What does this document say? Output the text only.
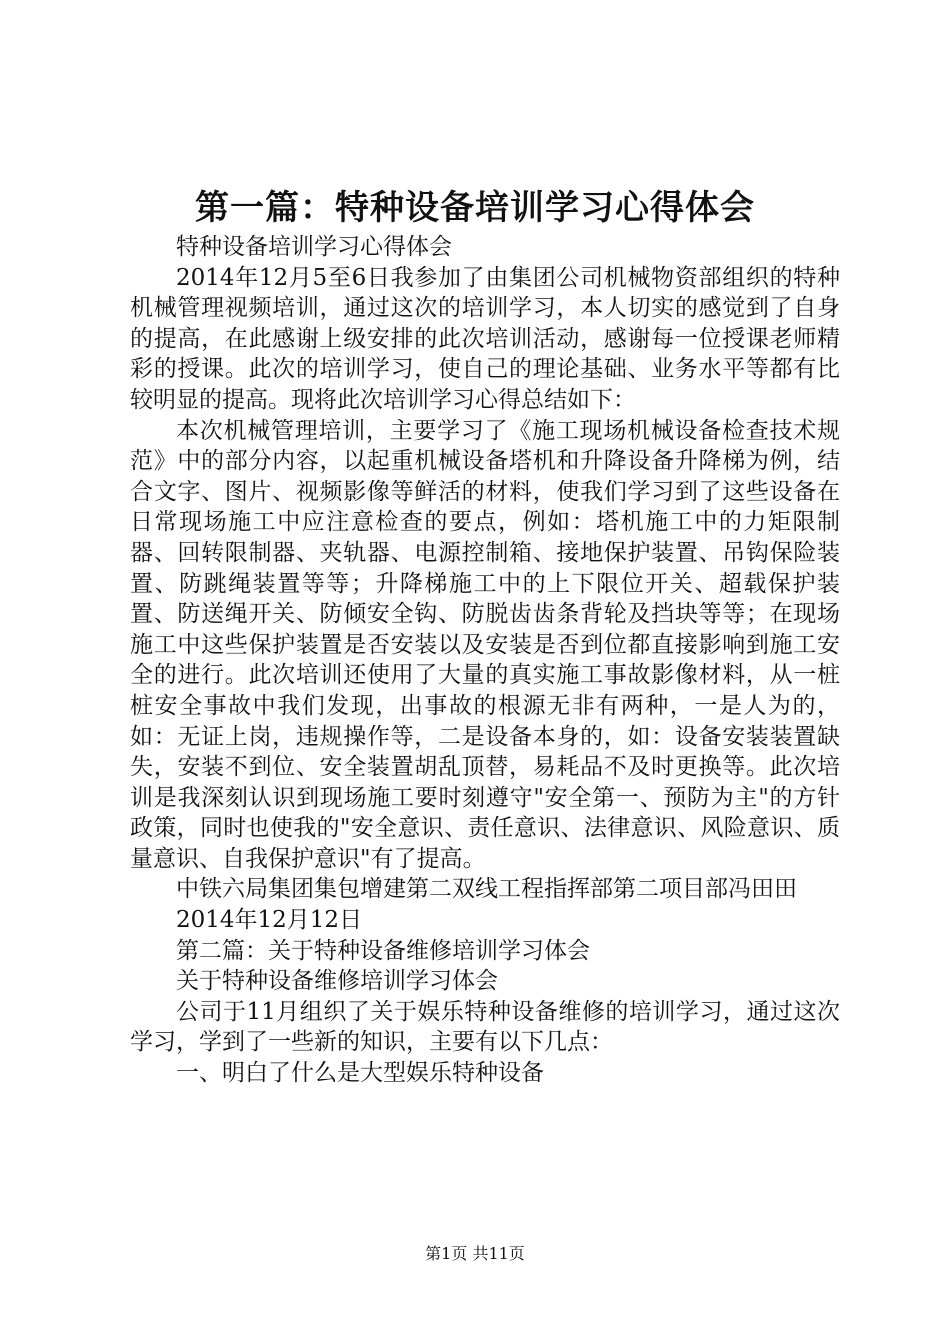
第一篇：特种设备培训学习心得体会

特种设备培训学习心得体会

2014年12月5至6日我参加了由集团公司机械物资部组织的特种机械管理视频培训，通过这次的培训学习，本人切实的感觉到了自身的提高，在此感谢上级安排的此次培训活动，感谢每一位授课老师精彩的授课。此次的培训学习，使自己的理论基础、业务水平等都有比较明显的提高。现将此次培训学习心得总结如下：

本次机械管理培训，主要学习了《施工现场机械设备检查技术规范》中的部分内容，以起重机械设备塔机和升降设备升降梯为例，结合文字、图片、视频影像等鲜活的材料，使我们学习到了这些设备在日常现场施工中应注意检查的要点，例如：塔机施工中的力矩限制器、回转限制器、夹轨器、电源控制箱、接地保护装置、吊钩保险装置、防跳绳装置等等；升降梯施工中的上下限位开关、超载保护装置、防送绳开关、防倾安全钩、防脱齿齿条背轮及挡块等等；在现场施工中这些保护装置是否安装以及安装是否到位都直接影响到施工安全的进行。此次培训还使用了大量的真实施工事故影像材料，从一桩桩安全事故中我们发现，出事故的根源无非有两种，一是人为的，如：无证上岗，违规操作等，二是设备本身的，如：设备安装装置缺失，安装不到位、安全装置胡乱顶替，易耗品不及时更换等。此次培训是我深刻认识到现场施工要时刻遵守"安全第一、预防为主"的方针政策，同时也使我的"安全意识、责任意识、法律意识、风险意识、质量意识、自我保护意识"有了提高。

中铁六局集团集包增建第二双线工程指挥部第二项目部冯田田

2014年12月12日

第二篇：关于特种设备维修培训学习体会

关于特种设备维修培训学习体会

公司于11月组织了关于娱乐特种设备维修的培训学习，通过这次学习，学到了一些新的知识，主要有以下几点：

一、明白了什么是大型娱乐特种设备

第1页 共11页
